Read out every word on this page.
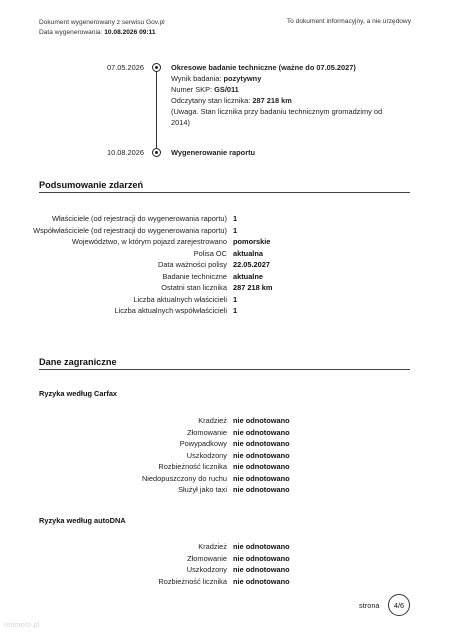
Dokument wygenerowany z serwisu Gov.pl
Data wygenerowania: 10.08.2026 09:11
To dokument informacyjny, a nie urzędowy
07.05.2026	Okresowe badanie techniczne (ważne do 07.05.2027)
Wynik badania: pozytywny
Numer SKP: GS/011
Odczytany stan licznika: 287 218 km
(Uwaga. Stan licznika przy badaniu technicznym gromadzimy od 2014)
10.08.2026	Wygenerowanie raportu
Podsumowanie zdarzeń
Właściciele (od rejestracji do wygenerowania raportu) 1
Współwłaściciele (od rejestracji do wygenerowania raportu) 1
Województwo, w którym pojazd zarejestrowano pomorskie
Polisa OC aktualna
Data ważności polisy 22.05.2027
Badanie techniczne aktualne
Ostatni stan licznika 287 218 km
Liczba aktualnych właścicieli 1
Liczba aktualnych współwłaścicieli 1
Dane zagraniczne
Ryzyka według Carfax
Kradzież nie odnotowano
Złomowanie nie odnotowano
Powypadkowy nie odnotowano
Uszkodzony nie odnotowano
Rozbieżność licznika nie odnotowano
Niedopuszczony do ruchu nie odnotowano
Służył jako taxi nie odnotowano
Ryzyka według autoDNA
Kradzież nie odnotowano
Złomowanie nie odnotowano
Uszkodzony nie odnotowano
Rozbieżność licznika nie odnotowano
strona	4/6
otomoto.pl
